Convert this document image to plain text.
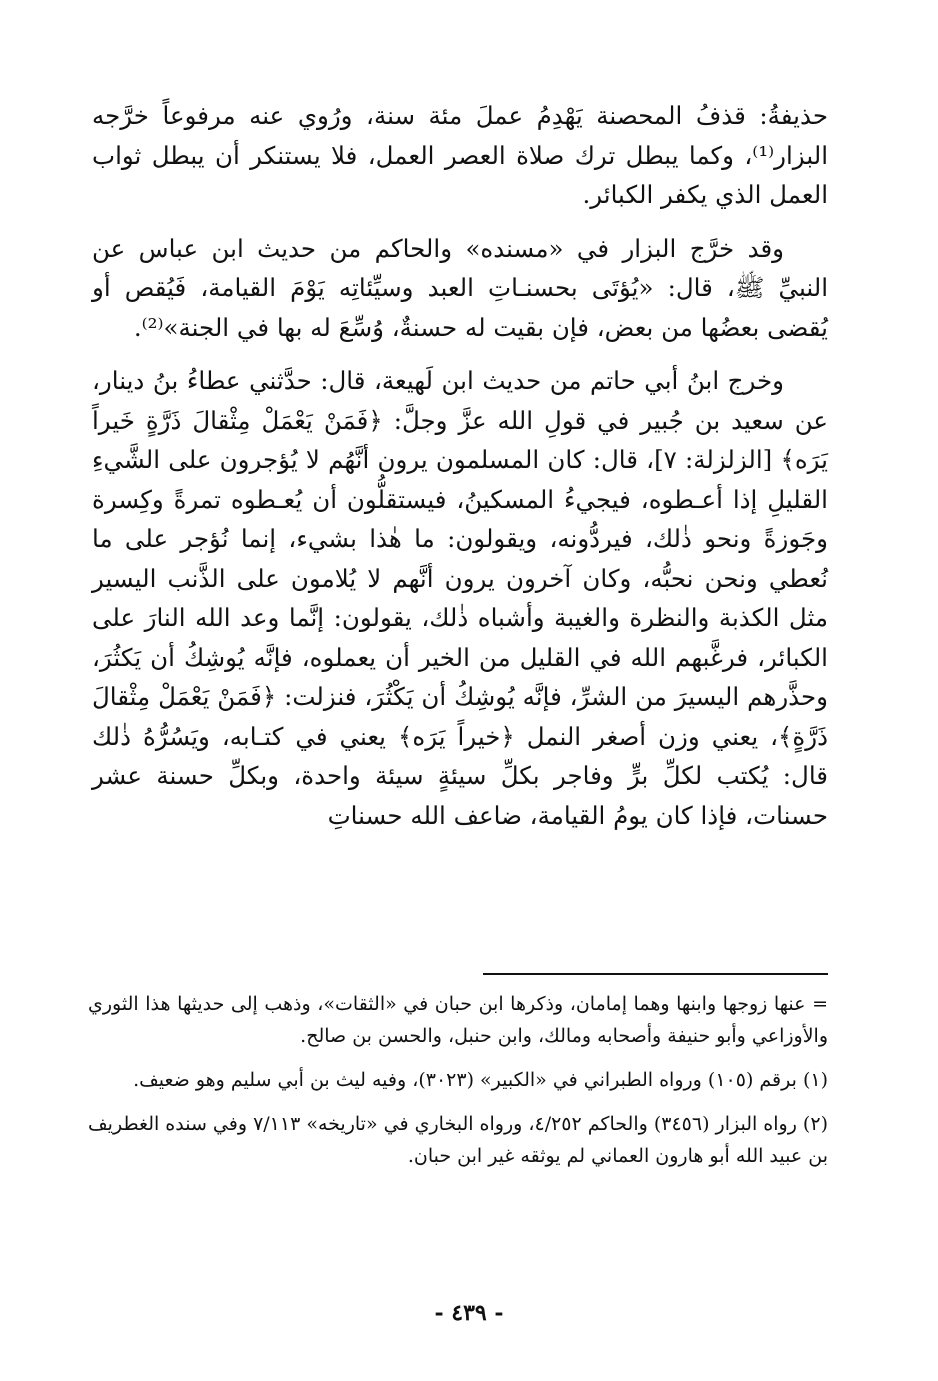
حذيفةُ: قذفُ المحصنة يَهْدِمُ عملَ مئة سنة، ورُوي عنه مرفوعاً خرَّجه البزار⁽¹⁾، وكما يبطل ترك صلاة العصر العمل، فلا يستنكر أن يبطل ثواب العمل الذي يكفر الكبائر.

وقد خرَّج البزار في «مسنده» والحاكم من حديث ابن عباس عن النبيِّ ﷺ، قال: «يُؤتَى بحسنـاتِ العبد وسيِّئاتِه يَوْمَ القيامة، فَيُقص أو يُقضى بعضُها من بعض، فإن بقيت له حسنةٌ، وُسِّعَ له بها في الجنة»⁽²⁾.

وخرج ابنُ أبي حاتم من حديث ابن لَهيعة، قال: حدَّثني عطاءُ بنُ دينار، عن سعيد بن جُبير في قولِ الله عزَّ وجلَّ: ﴿فَمَنْ يَعْمَلْ مِثْقالَ ذَرَّةٍ خَيراً يَرَه﴾ [الزلزلة: ٧]، قال: كان المسلمون يرون أنَّهُم لا يُؤجرون على الشَّيءِ القليلِ إذا أعـطوه، فيجيءُ المسكينُ، فيستقلُّون أن يُعـطوه تمرةً وكِسرة وجَوزةً ونحو ذٰلك، فيردُّونه، ويقولون: ما هٰذا بشيء، إنما نُؤجر على ما نُعطي ونحن نحبُّه، وكان آخرون يرون أنَّهم لا يُلامون على الذَّنب اليسير مثل الكذبة والنظرة والغيبة وأشباه ذٰلك، يقولون: إنَّما وعد الله النارَ على الكبائر، فرغَّبهم الله في القليل من الخير أن يعملوه، فإنَّه يُوشِكُ أن يَكثُرَ، وحذَّرهم اليسيرَ من الشرِّ، فإنَّه يُوشِكُ أن يَكْثُرَ، فنزلت: ﴿فَمَنْ يَعْمَلْ مِثْقالَ ذَرَّةٍ﴾، يعني وزن أصغر النمل ﴿خيراً يَرَه﴾ يعني في كتـابه، ويَسُرُّهُ ذٰلك قال: يُكتب لكلِّ برٍّ وفاجر بكلِّ سيئةٍ سيئة واحدة، وبكلِّ حسنة عشر حسنات، فإذا كان يومُ القيامة، ضاعف الله حسناتِ

= عنها زوجها وابنها وهما إمامان، وذكرها ابن حبان في «الثقات»، وذهب إلى حديثها هذا الثوري والأوزاعي وأبو حنيفة وأصحابه ومالك، وابن حنبل، والحسن بن صالح.

(١) برقم (١٠٥) ورواه الطبراني في «الكبير» (٣٠٢٣)، وفيه ليث بن أبي سليم وهو ضعيف.

(٢) رواه البزار (٣٤٥٦) والحاكم ٤/٢٥٢، ورواه البخاري في «تاريخه» ٧/١١٣ وفي سنده الغطريف بن عبيد الله أبو هارون العماني لم يوثقه غير ابن حبان.

- ٤٣٩ -
